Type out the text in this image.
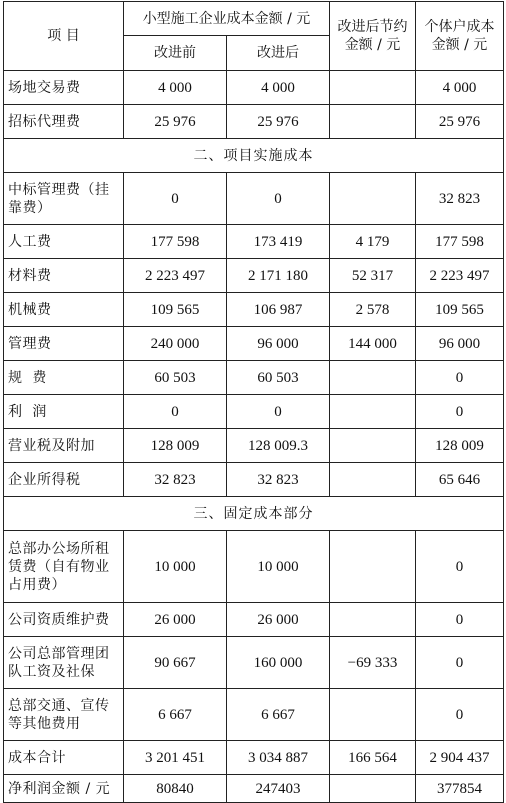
项 目	小型施工企业成本金额 / 元		改进后节约金额 / 元	个体户成本金额 / 元
	改进前	改进后		
场地交易费	4 000	4 000		4 000
招标代理费	25 976	25 976		25 976
二、项目实施成本				
中标管理费（挂靠费）	0	0		32 823
人工费	177 598	173 419	4 179	177 598
材料费	2 223 497	2 171 180	52 317	2 223 497
机械费	109 565	106 987	2 578	109 565
管理费	240 000	96 000	144 000	96 000
规  费	60 503	60 503		0
利  润	0	0		0
营业税及附加	128 009	128 009.3		128 009
企业所得税	32 823	32 823		65 646
三、固定成本部分				
总部办公场所租赁费（自有物业占用费）	10 000	10 000		0
公司资质维护费	26 000	26 000		0
公司总部管理团队工资及社保	90 667	160 000	−69 333	0
总部交通、宣传等其他费用	6 667	6 667		0
成本合计	3 201 451	3 034 887	166 564	2 904 437
净利润金额 / 元	80840	247403		377854
